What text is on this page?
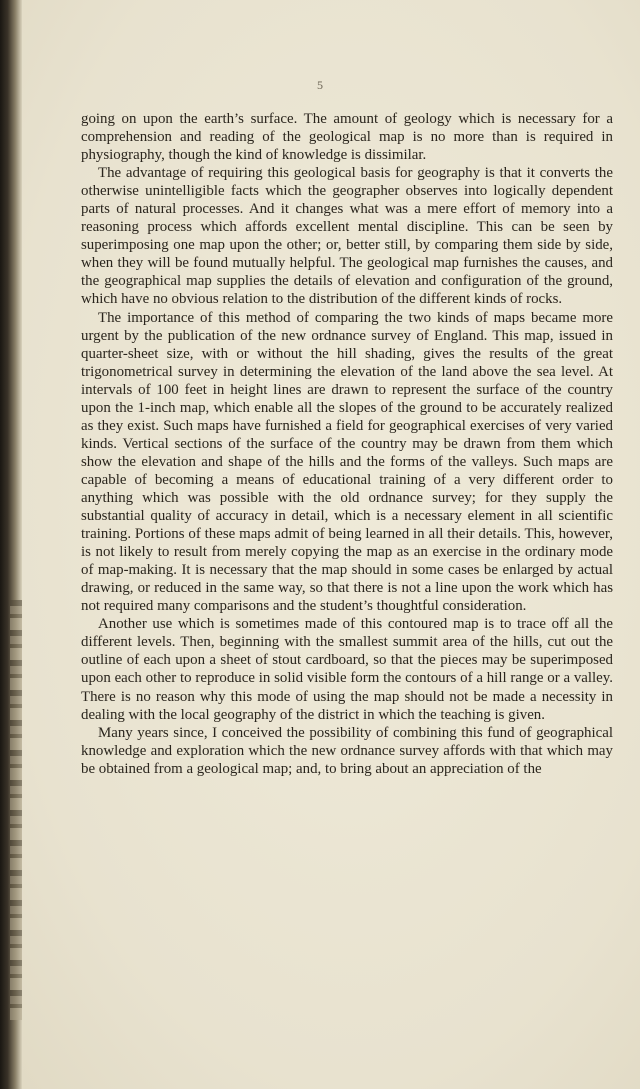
5

going on upon the earth’s surface. The amount of geology which is necessary for a comprehension and reading of the geological map is no more than is required in physiography, though the kind of knowledge is dissimilar.

The advantage of requiring this geological basis for geography is that it converts the otherwise unintelligible facts which the geographer observes into logically dependent parts of natural processes. And it changes what was a mere effort of memory into a reasoning process which affords excellent mental discipline. This can be seen by superimposing one map upon the other; or, better still, by comparing them side by side, when they will be found mutually helpful. The geological map furnishes the causes, and the geographical map supplies the details of elevation and configuration of the ground, which have no obvious relation to the distribution of the different kinds of rocks.

The importance of this method of comparing the two kinds of maps became more urgent by the publication of the new ordnance survey of England. This map, issued in quarter-sheet size, with or without the hill shading, gives the results of the great trigonometrical survey in determining the elevation of the land above the sea level. At intervals of 100 feet in height lines are drawn to represent the surface of the country upon the 1-inch map, which enable all the slopes of the ground to be accurately realized as they exist. Such maps have furnished a field for geographical exercises of very varied kinds. Vertical sections of the surface of the country may be drawn from them which show the elevation and shape of the hills and the forms of the valleys. Such maps are capable of becoming a means of educational training of a very different order to anything which was possible with the old ordnance survey; for they supply the substantial quality of accuracy in detail, which is a necessary element in all scientific training. Portions of these maps admit of being learned in all their details. This, however, is not likely to result from merely copying the map as an exercise in the ordinary mode of map-making. It is necessary that the map should in some cases be enlarged by actual drawing, or reduced in the same way, so that there is not a line upon the work which has not required many comparisons and the student’s thoughtful consideration.

Another use which is sometimes made of this contoured map is to trace off all the different levels. Then, beginning with the smallest summit area of the hills, cut out the outline of each upon a sheet of stout cardboard, so that the pieces may be superimposed upon each other to reproduce in solid visible form the contours of a hill range or a valley. There is no reason why this mode of using the map should not be made a necessity in dealing with the local geography of the district in which the teaching is given.

Many years since, I conceived the possibility of combining this fund of geographical knowledge and exploration which the new ordnance survey affords with that which may be obtained from a geological map; and, to bring about an appreciation of the
